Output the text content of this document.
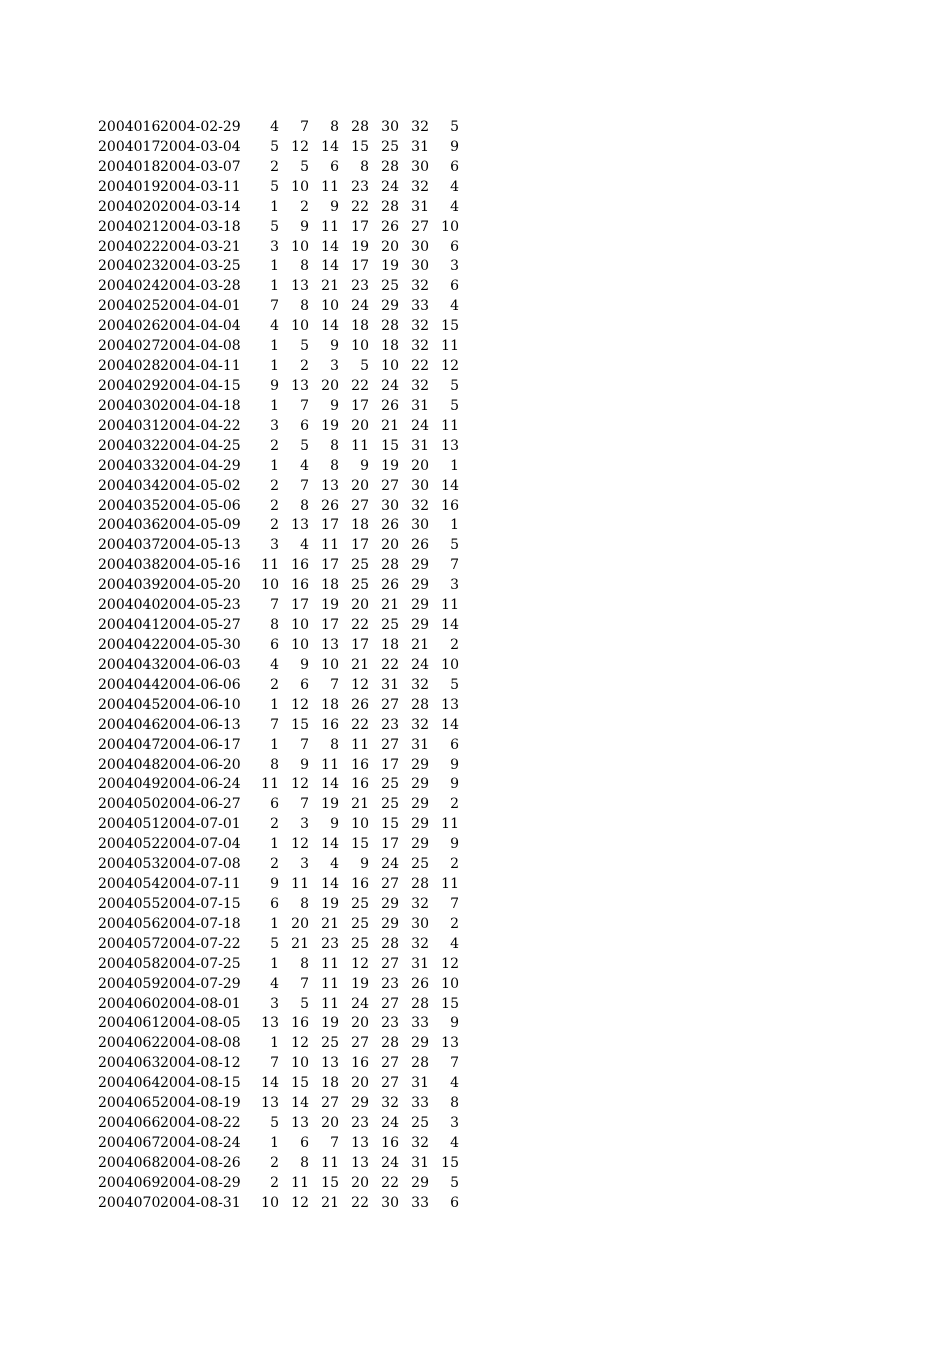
2004016 2004-02-29	4	7	8 28 30 32	5
2004017 2004-03-04	5 12 14 15 25 31	9
2004018 2004-03-07	2	5	6	8 28 30	6
2004019 2004-03-11	5 10 11 23 24 32	4
2004020 2004-03-14	1	2	9 22 28 31	4
2004021 2004-03-18	5	9 11 17 26 27 10
2004022 2004-03-21	3 10 14 19 20 30	6
2004023 2004-03-25	1	8 14 17 19 30	3
2004024 2004-03-28	1 13 21 23 25 32	6
2004025 2004-04-01	7	8 10 24 29 33	4
2004026 2004-04-04	4 10 14 18 28 32 15
2004027 2004-04-08	1	5	9 10 18 32 11
2004028 2004-04-11	1	2	3	5 10 22 12
2004029 2004-04-15	9 13 20 22 24 32	5
2004030 2004-04-18	1	7	9 17 26 31	5
2004031 2004-04-22	3	6 19 20 21 24 11
2004032 2004-04-25	2	5	8 11 15 31 13
2004033 2004-04-29	1	4	8	9 19 20	1
2004034 2004-05-02	2	7 13 20 27 30 14
2004035 2004-05-06	2	8 26 27 30 32 16
2004036 2004-05-09	2 13 17 18 26 30	1
2004037 2004-05-13	3	4 11 17 20 26	5
2004038 2004-05-16	11 16 17 25 28 29	7
2004039 2004-05-20	10 16 18 25 26 29	3
2004040 2004-05-23	7 17 19 20 21 29 11
2004041 2004-05-27	8 10 17 22 25 29 14
2004042 2004-05-30	6 10 13 17 18 21	2
2004043 2004-06-03	4	9 10 21 22 24 10
2004044 2004-06-06	2	6	7 12 31 32	5
2004045 2004-06-10	1 12 18 26 27 28 13
2004046 2004-06-13	7 15 16 22 23 32 14
2004047 2004-06-17	1	7	8 11 27 31	6
2004048 2004-06-20	8	9 11 16 17 29	9
2004049 2004-06-24	11 12 14 16 25 29	9
2004050 2004-06-27	6	7 19 21 25 29	2
2004051 2004-07-01	2	3	9 10 15 29 11
2004052 2004-07-04	1 12 14 15 17 29	9
2004053 2004-07-08	2	3	4	9 24 25	2
2004054 2004-07-11	9 11 14 16 27 28 11
2004055 2004-07-15	6	8 19 25 29 32	7
2004056 2004-07-18	1 20 21 25 29 30	2
2004057 2004-07-22	5 21 23 25 28 32	4
2004058 2004-07-25	1	8 11 12 27 31 12
2004059 2004-07-29	4	7 11 19 23 26 10
2004060 2004-08-01	3	5 11 24 27 28 15
2004061 2004-08-05	13 16 19 20 23 33	9
2004062 2004-08-08	1 12 25 27 28 29 13
2004063 2004-08-12	7 10 13 16 27 28	7
2004064 2004-08-15	14 15 18 20 27 31	4
2004065 2004-08-19	13 14 27 29 32 33	8
2004066 2004-08-22	5 13 20 23 24 25	3
2004067 2004-08-24	1	6	7 13 16 32	4
2004068 2004-08-26	2	8 11 13 24 31 15
2004069 2004-08-29	2 11 15 20 22 29	5
2004070 2004-08-31	10 12 21 22 30 33	6
